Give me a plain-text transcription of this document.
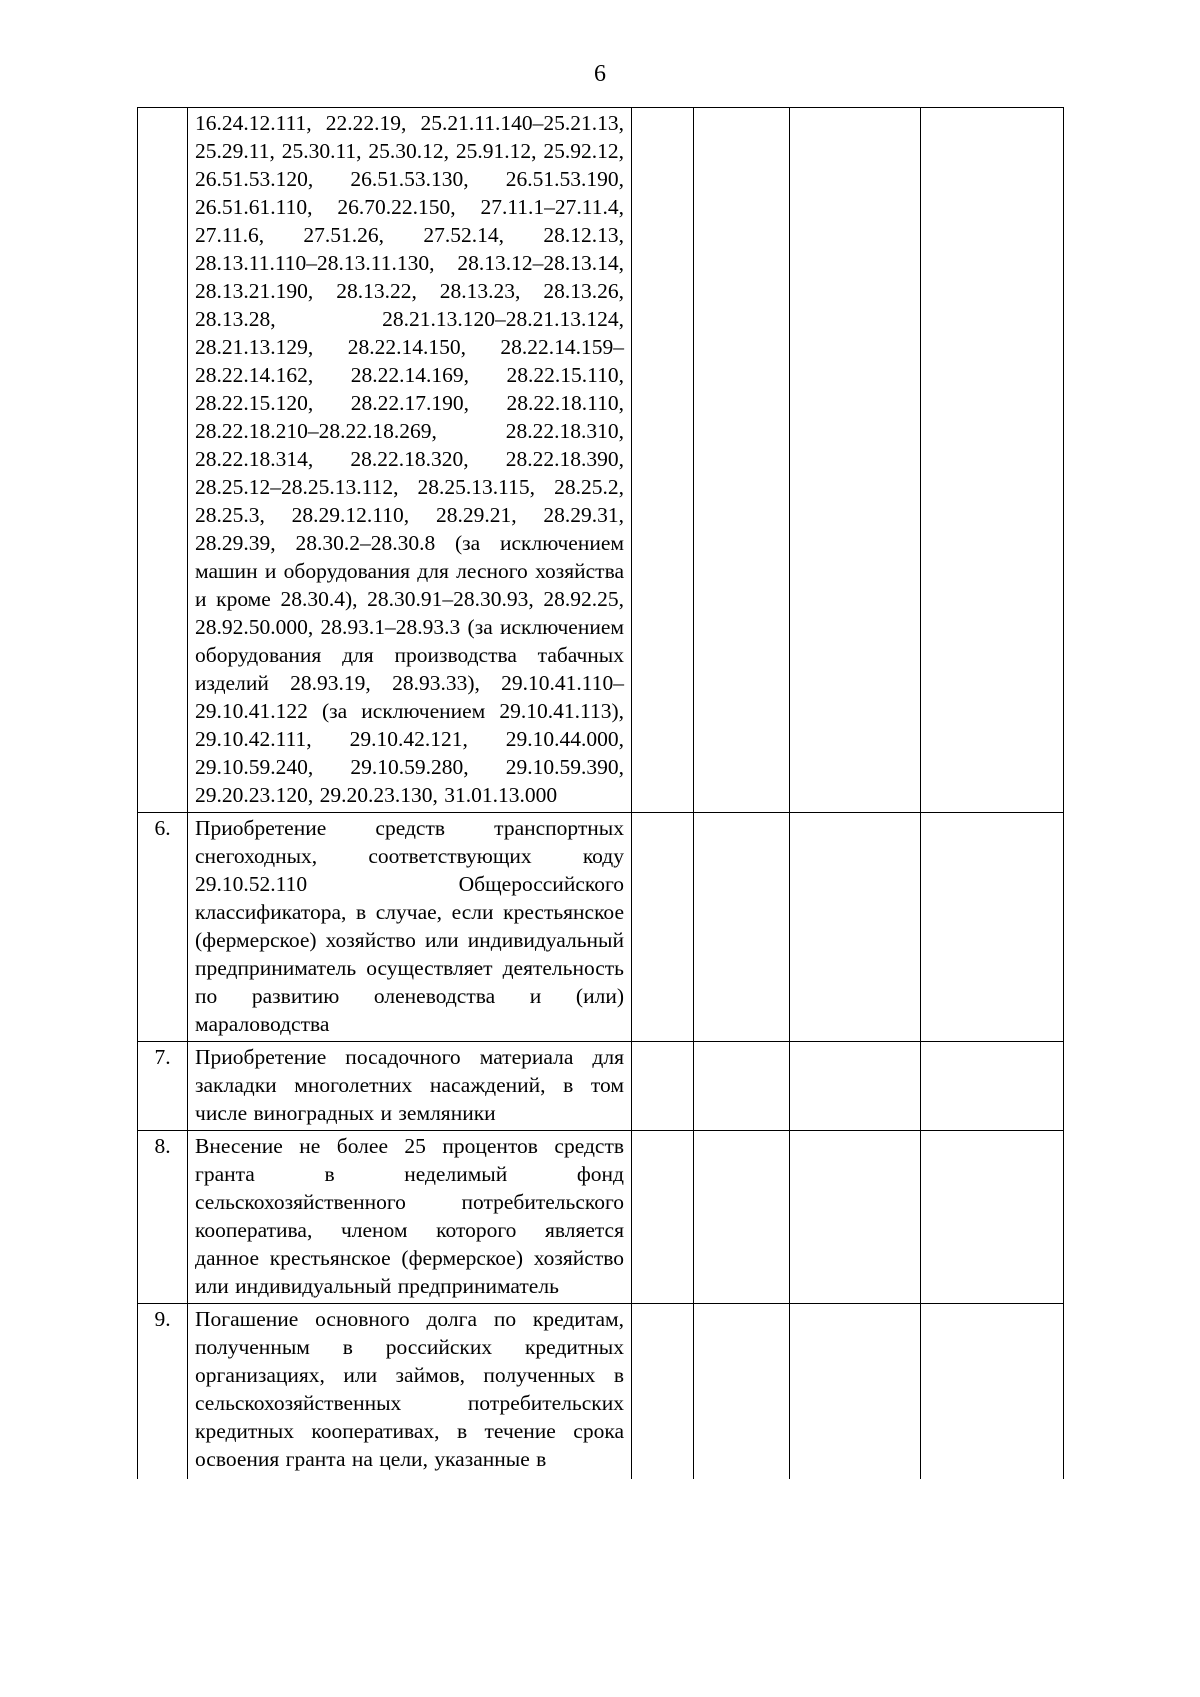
6
	16.24.12.111, 22.22.19, 25.21.11.140–25.21.13, 25.29.11, 25.30.11, 25.30.12, 25.91.12, 25.92.12, 26.51.53.120, 26.51.53.130, 26.51.53.190, 26.51.61.110, 26.70.22.150, 27.11.1–27.11.4, 27.11.6, 27.51.26, 27.52.14, 28.12.13, 28.13.11.110–28.13.11.130, 28.13.12–28.13.14, 28.13.21.190, 28.13.22, 28.13.23, 28.13.26, 28.13.28, 28.21.13.120–28.21.13.124, 28.21.13.129, 28.22.14.150, 28.22.14.159–28.22.14.162, 28.22.14.169, 28.22.15.110, 28.22.15.120, 28.22.17.190, 28.22.18.110, 28.22.18.210–28.22.18.269, 28.22.18.310, 28.22.18.314, 28.22.18.320, 28.22.18.390, 28.25.12–28.25.13.112, 28.25.13.115, 28.25.2, 28.25.3, 28.29.12.110, 28.29.21, 28.29.31, 28.29.39, 28.30.2–28.30.8 (за исключением машин и оборудования для лесного хозяйства и кроме 28.30.4), 28.30.91–28.30.93, 28.92.25, 28.92.50.000, 28.93.1–28.93.3 (за исключением оборудования для производства табачных изделий 28.93.19, 28.93.33), 29.10.41.110–29.10.41.122 (за исключением 29.10.41.113), 29.10.42.111, 29.10.42.121, 29.10.44.000, 29.10.59.240, 29.10.59.280, 29.10.59.390, 29.20.23.120, 29.20.23.130, 31.01.13.000				
6.	Приобретение средств транспортных снегоходных, соответствующих коду 29.10.52.110 Общероссийского классификатора, в случае, если крестьянское (фермерское) хозяйство или индивидуальный предприниматель осуществляет деятельность по развитию оленеводства и (или) мараловодства				
7.	Приобретение посадочного материала для закладки многолетних насаждений, в том числе виноградных и земляники				
8.	Внесение не более 25 процентов средств гранта в неделимый фонд сельскохозяйственного потребительского кооператива, членом которого является данное крестьянское (фермерское) хозяйство или индивидуальный предприниматель				
9.	Погашение основного долга по кредитам, полученным в российских кредитных организациях, или займов, полученных в сельскохозяйственных потребительских кредитных кооперативах, в течение срока освоения гранта на цели, указанные в				
